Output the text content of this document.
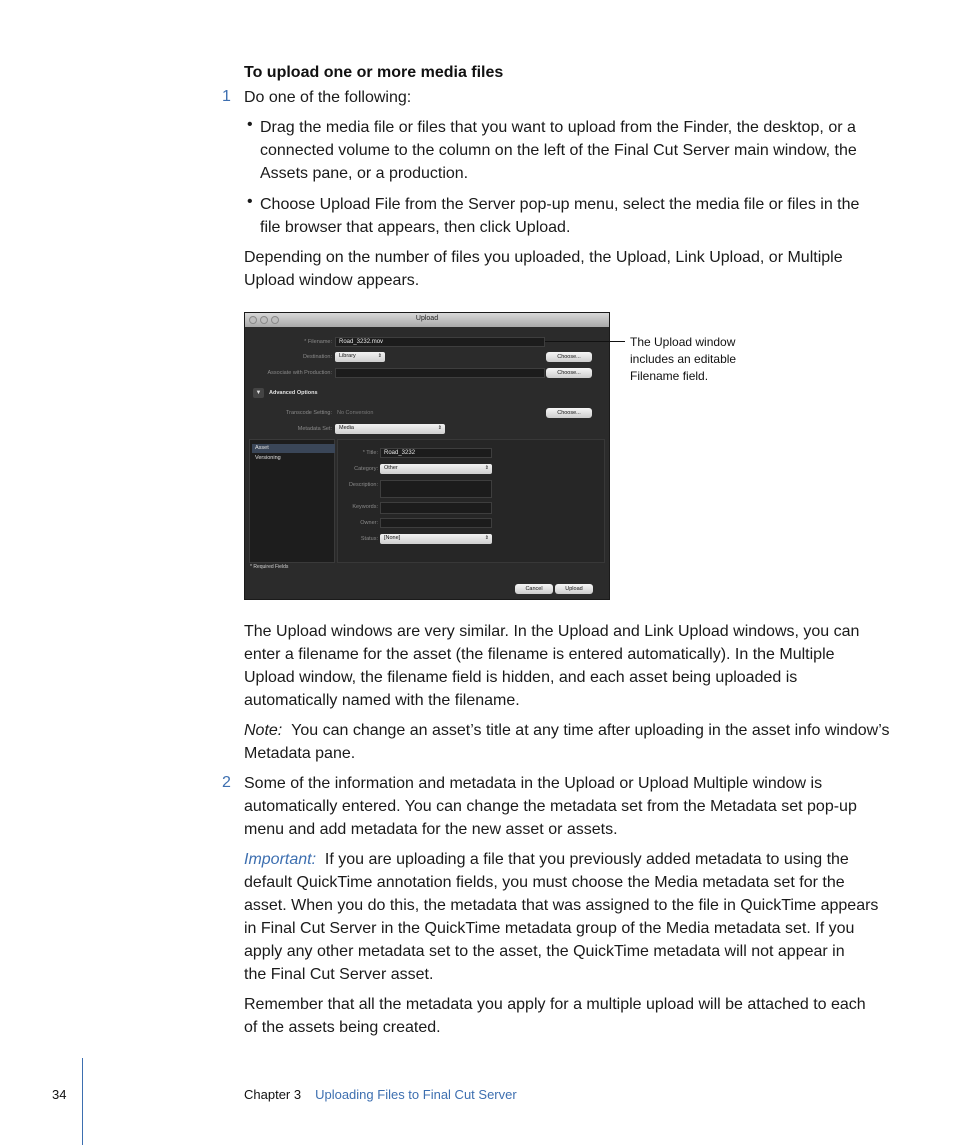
To upload one or more media files
1 Do one of the following:
• Drag the media file or files that you want to upload from the Finder, the desktop, or a
connected volume to the column on the left of the Final Cut Server main window, the
Assets pane, or a production.
• Choose Upload File from the Server pop-up menu, select the media file or files in the
file browser that appears, then click Upload.
Depending on the number of files you uploaded, the Upload, Link Upload, or Multiple
Upload window appears.
Upload
* Filename:	Road_3232.mov
Destination:	Library	⇕	Choose...
Associate with Production:	Choose...
▼	Advanced Options
Transcode Setting: No Conversion	Choose...
Metadata Set:	Media	⇕
Asset
Versioning
* Title:	Road_3232
Category:	Other	⇕
Description:
Keywords:
Owner:
Status:	[None]	⇕
* Required Fields
Cancel	Upload
The Upload window
includes an editable
Filename field.
The Upload windows are very similar. In the Upload and Link Upload windows, you can
enter a filename for the asset (the filename is entered automatically). In the Multiple
Upload window, the filename field is hidden, and each asset being uploaded is
automatically named with the filename.
Note: You can change an asset’s title at any time after uploading in the asset info window’s
Metadata pane.
2 Some of the information and metadata in the Upload or Upload Multiple window is
automatically entered. You can change the metadata set from the Metadata set pop-up
menu and add metadata for the new asset or assets.
Important: If you are uploading a file that you previously added metadata to using the
default QuickTime annotation fields, you must choose the Media metadata set for the
asset. When you do this, the metadata that was assigned to the file in QuickTime appears
in Final Cut Server in the QuickTime metadata group of the Media metadata set. If you
apply any other metadata set to the asset, the QuickTime metadata will not appear in
the Final Cut Server asset.
Remember that all the metadata you apply for a multiple upload will be attached to each
of the assets being created.
34	Chapter 3 Uploading Files to Final Cut Server
